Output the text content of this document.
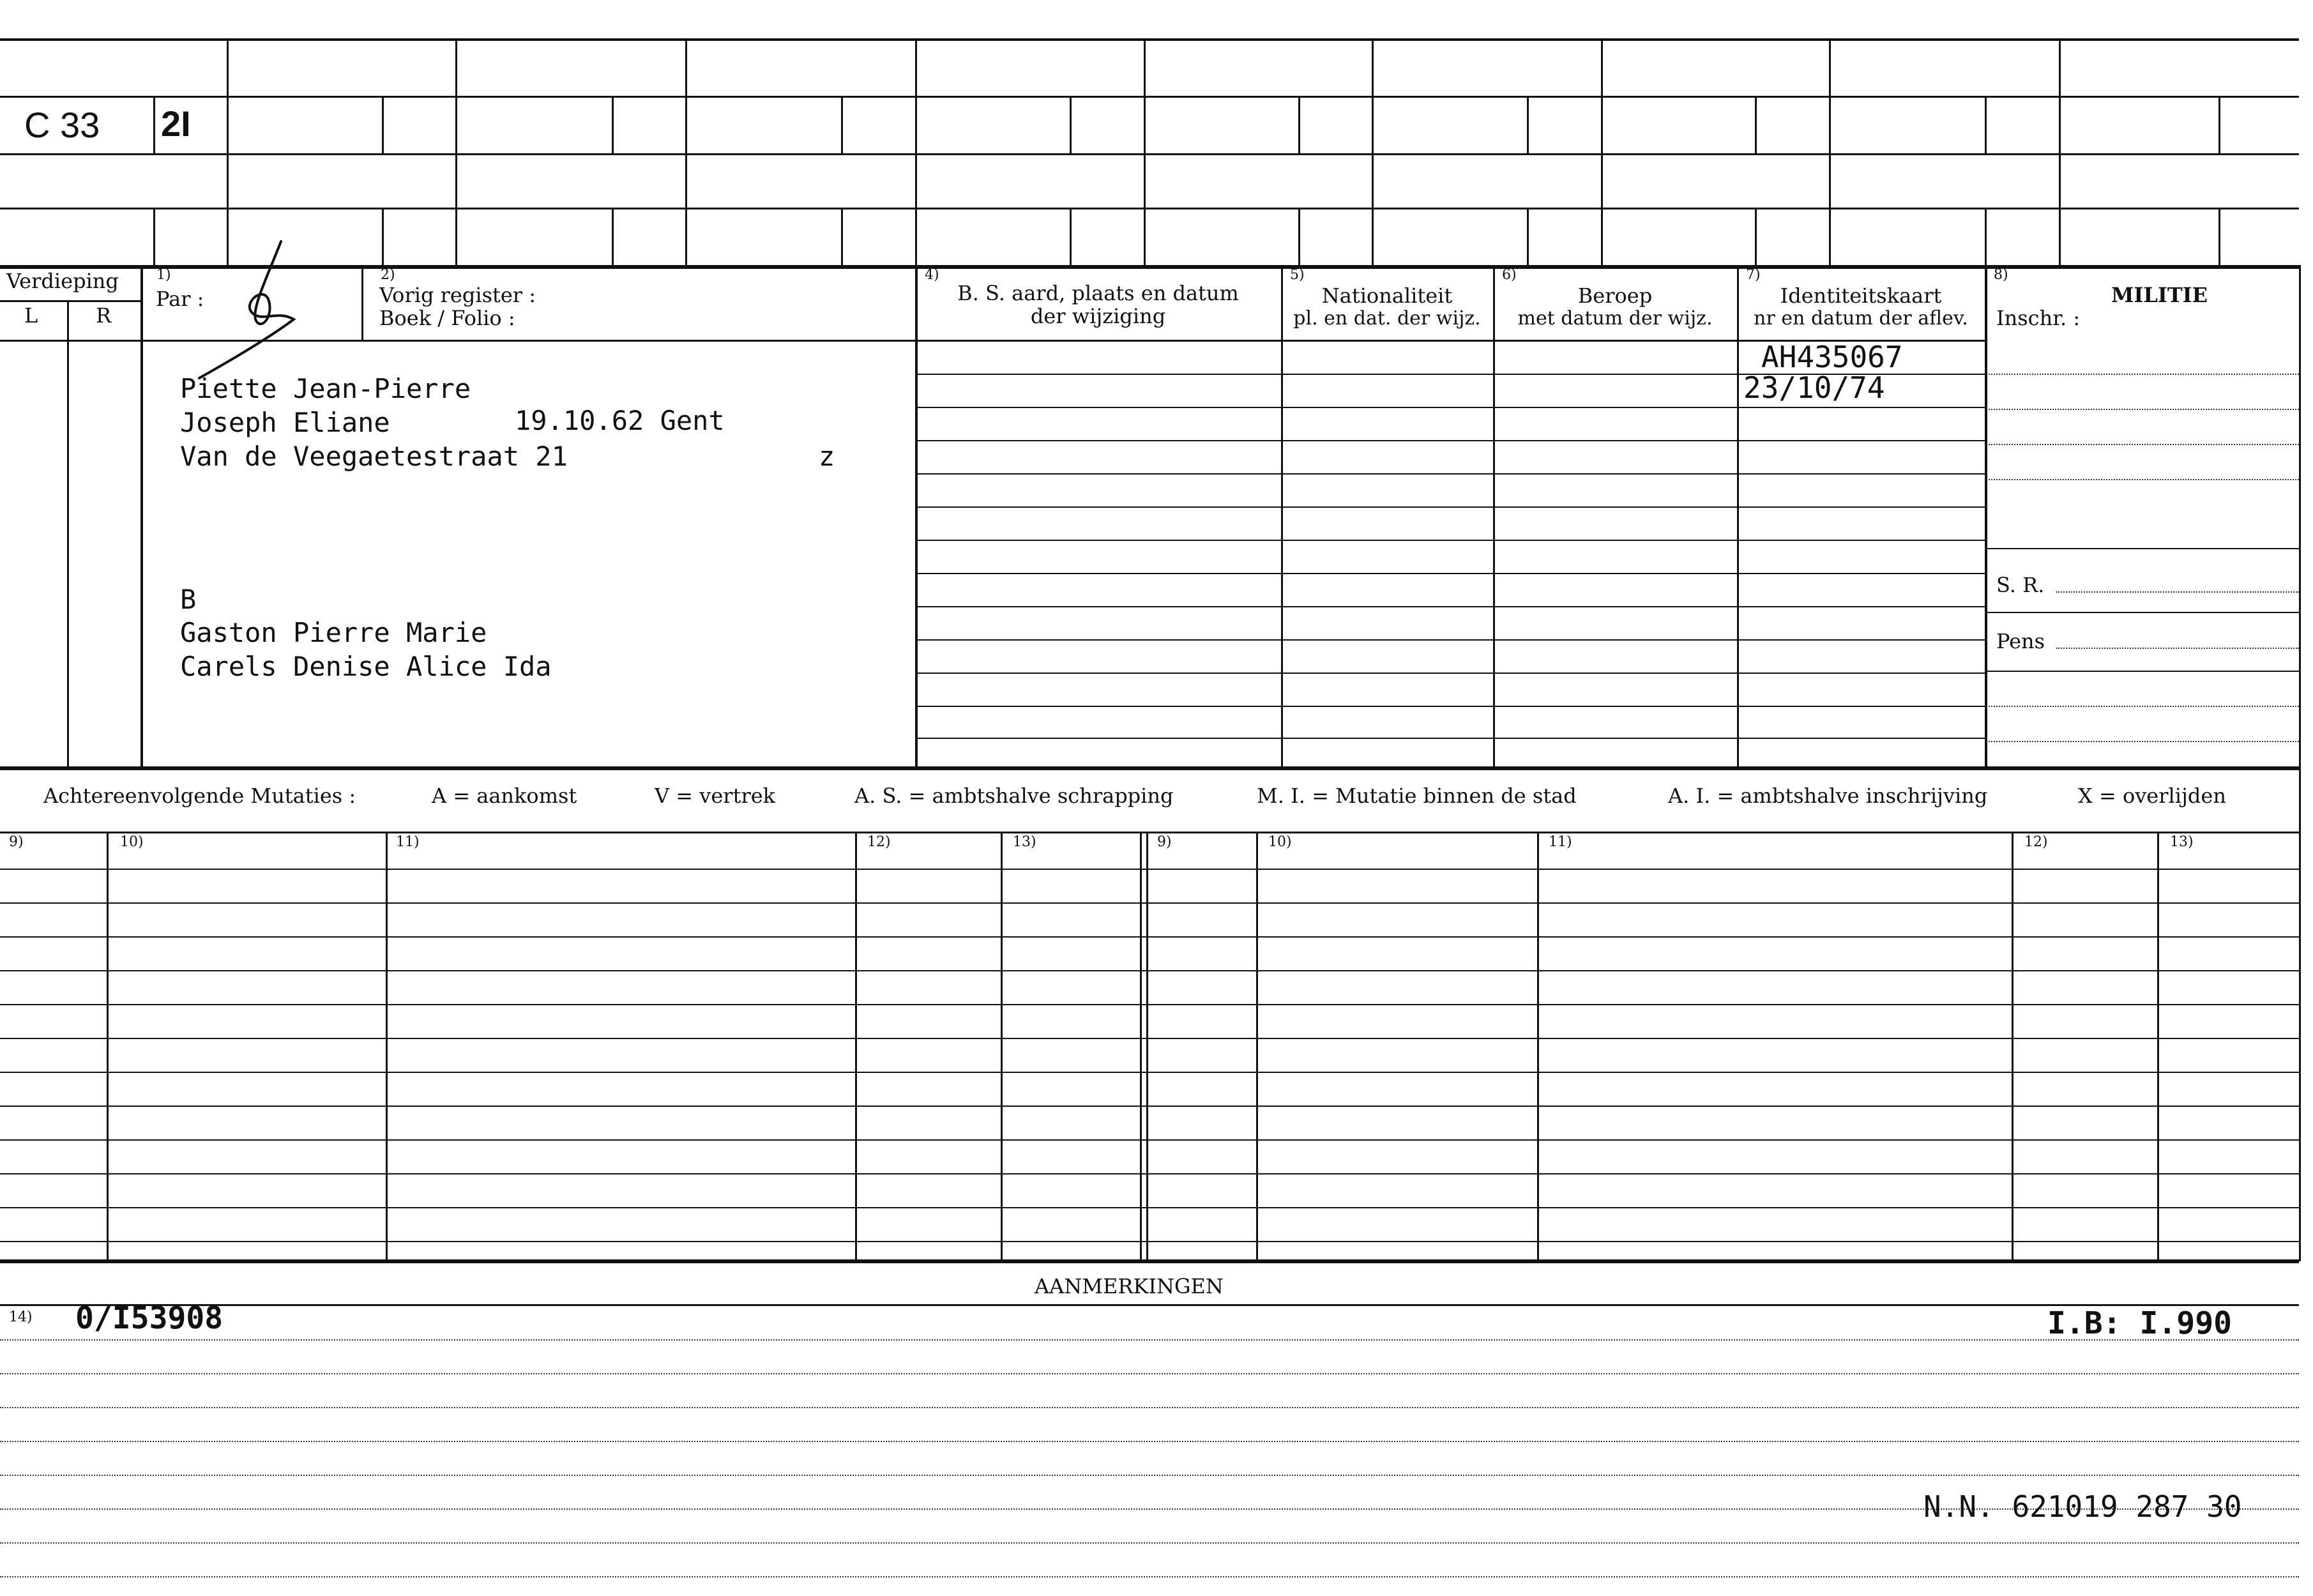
C 33 2I
Verdieping
L	R
1)
Par :
2)
Vorig register :
Boek / Folio :
4)
B. S. aard, plaats en datum
der wijziging
5)
Nationaliteit
pl. en dat. der wijz.
6)
Beroep
met datum der wijz.
7)
Identiteitskaart
nr en datum der aflev.
8)
MILITIE
Inschr. :
S. R.
Pens
Piette Jean-Pierre
Joseph Eliane	19.10.62 Gent
Van de Veegaetestraat 21	z
B
Gaston Pierre Marie
Carels Denise Alice Ida
AH435067
23/10/74
Achtereenvolgende Mutaties :	A = aankomst	V = vertrek	A. S. = ambtshalve schrapping	M. I. = Mutatie binnen de stad	A. I. = ambtshalve inschrijving	X = overlijden
9)	10)	11)	12)	13)	9)	10)	11)	12)	13)
AANMERKINGEN
14) 0/I53908	I.B: I.990
N.N. 621019 287 30
